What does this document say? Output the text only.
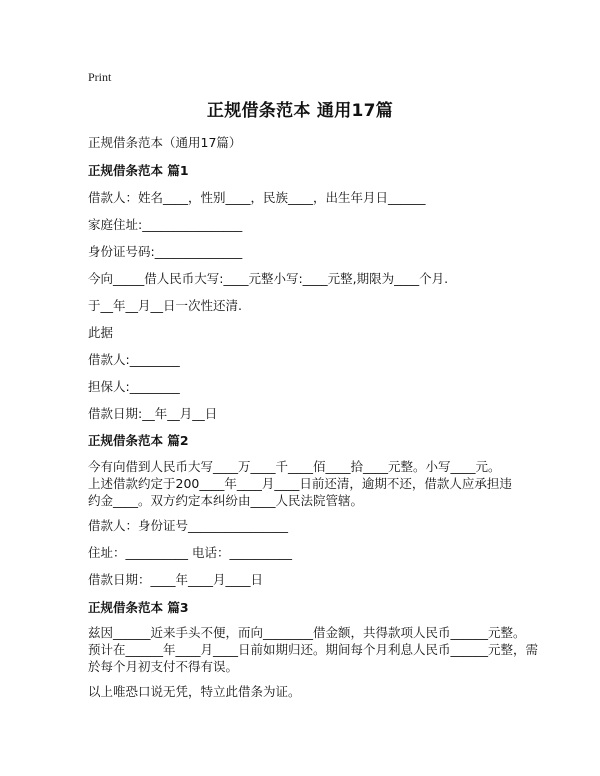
Print
正规借条范本 通用17篇
正规借条范本（通用17篇）
正规借条范本 篇1
借款人：姓名____，性别____，民族____，出生年月日______
家庭住址:________________
身份证号码:______________
今向_____借人民币大写:____元整小写:____元整,期限为____个月.
于__年__月__日一次性还清.
此据
借款人:________
担保人:________
借款日期:__年__月__日
正规借条范本 篇2
今有向借到人民币大写____万____千____佰____拾____元整。小写____元。
上述借款约定于200____年____月____日前还清，逾期不还，借款人应承担违
约金____。双方约定本纠纷由____人民法院管辖。
借款人：身份证号________________
住址：__________ 电话：__________
借款日期：____年____月____日
正规借条范本 篇3
兹因______近来手头不便，而向________借金额，共得款项人民币______元整。
预计在______年____月____日前如期归还。期间每个月利息人民币______元整，需
於每个月初支付不得有误。
以上唯恐口说无凭，特立此借条为证。
